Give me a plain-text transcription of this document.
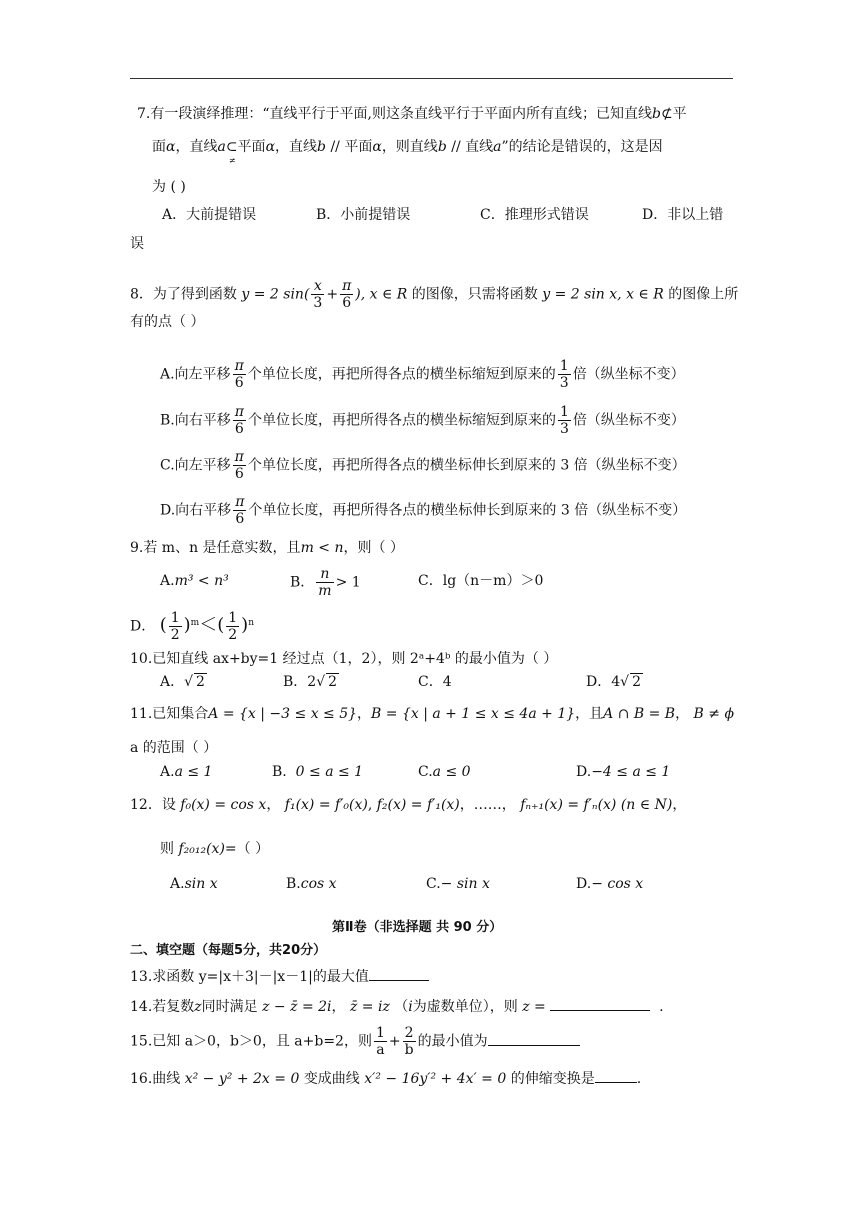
7.有一段演绎推理：“直线平行于平面,则这条直线平行于平面内所有直线；已知直线b⊄平
面α，直线a⊂
≠
平面α，直线b // 平面α，则直线b // 直线a”的结论是错误的，这是因
为 ( )
A．大前提错误	B．小前提错误	C．推理形式错误	D．非以上错
误
8．为了得到函数 y = 2 $\sin( \frac{x}{3} + \frac{\pi}{6}$ ), x ∈ R 的图像，只需将函数 y = 2 sin x, x ∈ R 的图像上所
有的点（ ）
A.向左平移 $\frac{\pi}{6}$ 个单位长度，再把所得各点的横坐标缩短到原来的 $\frac{1}{3}$ 倍（纵坐标不变）
B.向右平移 $\frac{\pi}{6}$ 个单位长度，再把所得各点的横坐标缩短到原来的 $\frac{1}{3}$ 倍（纵坐标不变）
C.向左平移 $\frac{\pi}{6}$ 个单位长度，再把所得各点的横坐标伸长到原来的 3 倍（纵坐标不变）
D.向右平移 $\frac{\pi}{6}$ 个单位长度，再把所得各点的横坐标伸长到原来的 3 倍（纵坐标不变）
9.若 m、n 是任意实数，且m < n，则（ ）
A.m³ < n³	B． $\frac{n}{m} > 1$	C．lg（n－m）＞0
D． ( $\frac{1}{2} )^m<( \frac{1}{2} )^n$
10.已知直线 ax+by=1 经过点（1，2），则 2ᵃ+4ᵇ 的最小值为（ ）
A．√ 2	B．2√ 2	C．4	D．4√ 2
11.已知集合A = {x | −3 ≤ x ≤ 5}，B = {x | a + 1 ≤ x ≤ 4a + 1}，且A ∩ B = B， B ≠ ϕ
a 的范围（ ）
A.a ≤ 1	B. 0 ≤ a ≤ 1	C.a ≤ 0	D.−4 ≤ a ≤ 1
12．设 f₀(x) = cos x， f₁(x) = f′₀(x), f₂(x) = f′₁(x)，……， fₙ₊₁(x) = f′ₙ(x) (n ∈ N)，
则 f₂₀₁₂(x)=（ ）
A.sin x	B.cos x	C.− sin x	D.− cos x
第Ⅱ卷（非选择题 共 90 分）
二、填空题（每题5分，共20分）
13.求函数 y=|x＋3|－|x－1|的最大值
14.若复数z同时满足 z − z̄ = 2i， z̄ = iz （i为虚数单位），则 z =	.
15.已知 a＞0，b＞0，且 a+b=2，则 $\frac{1}{a} + \frac{2}{b}$ 的最小值为
16.曲线 x² − y² + 2x = 0 变成曲线 x′² − 16y′² + 4x′ = 0 的伸缩变换是	.
